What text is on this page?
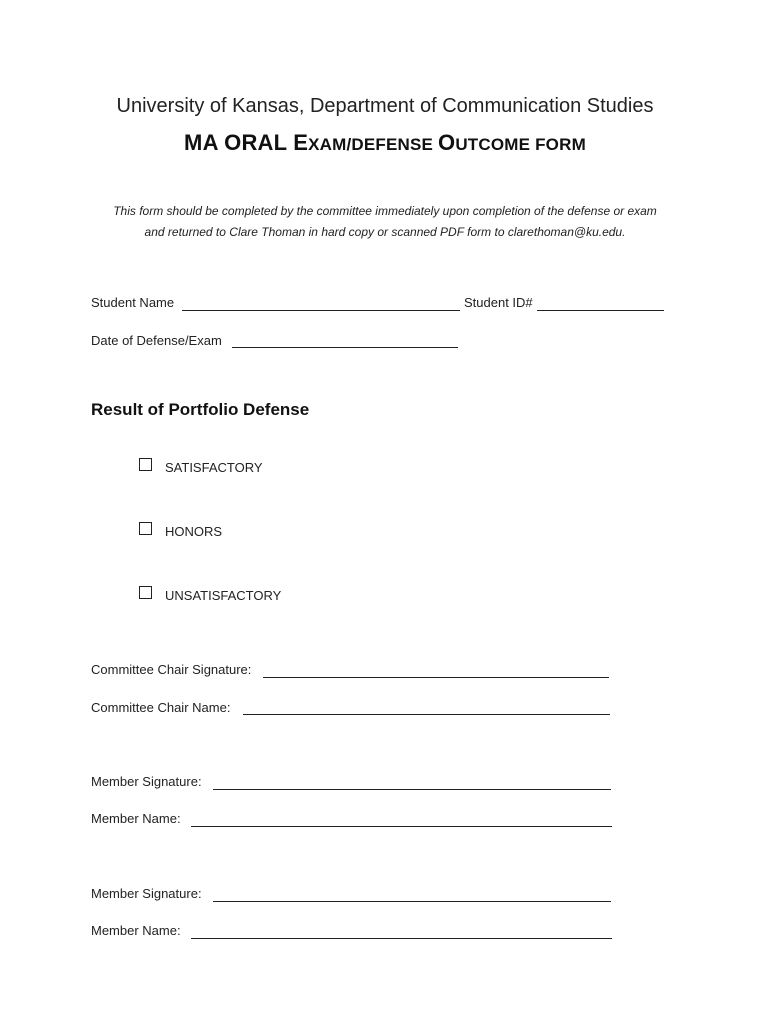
University of Kansas, Department of Communication Studies
MA ORAL EXAM/DEFENSE OUTCOME FORM
This form should be completed by the committee immediately upon completion of the defense or exam
and returned to Clare Thoman in hard copy or scanned PDF form to clarethoman@ku.edu.
Student Name	Student ID#
Date of Defense/Exam
Result of Portfolio Defense
SATISFACTORY
HONORS
UNSATISFACTORY
Committee Chair Signature:
Committee Chair Name:
Member Signature:
Member Name:
Member Signature:
Member Name:
